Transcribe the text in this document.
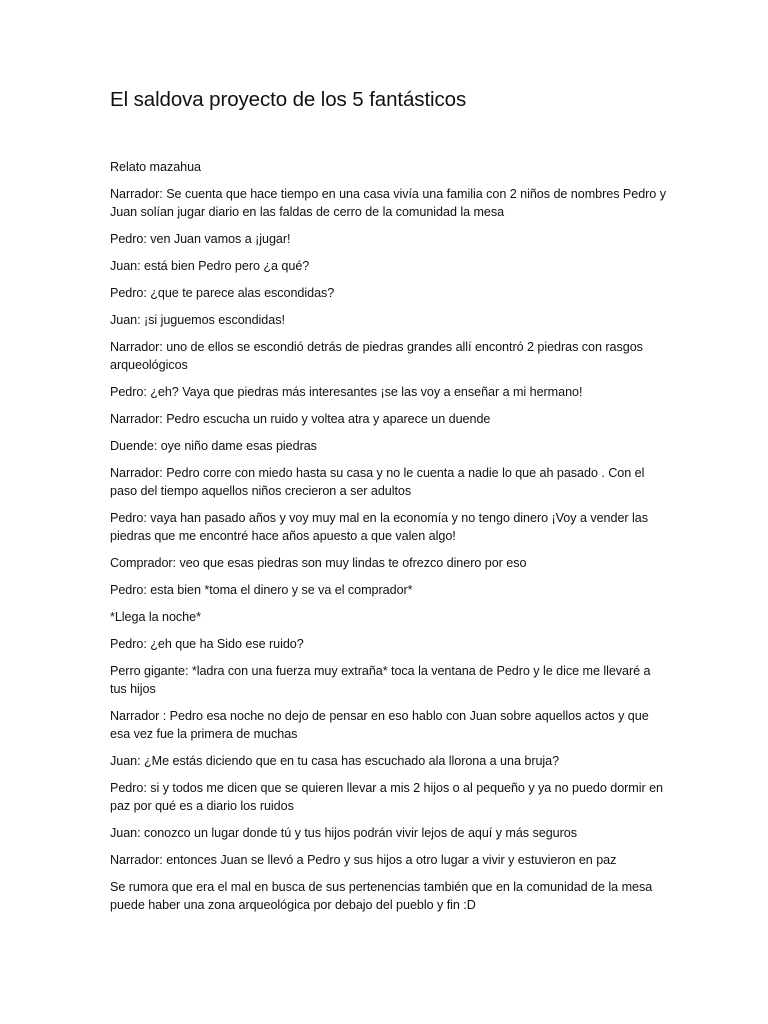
El saldova proyecto de los 5 fantásticos

Relato mazahua

Narrador: Se cuenta que hace tiempo en una casa vivía una familia con 2 niños de nombres Pedro y Juan solían jugar diario en las faldas de cerro de la comunidad la mesa

Pedro: ven Juan vamos a ¡jugar!

Juan: está bien Pedro pero ¿a qué?

Pedro: ¿que te parece alas escondidas?

Juan: ¡si juguemos escondidas!

Narrador: uno de ellos se escondió detrás de piedras grandes allí encontró 2 piedras con rasgos arqueológicos

Pedro: ¿eh? Vaya que piedras más interesantes ¡se las voy a enseñar a mi hermano!

Narrador: Pedro escucha un ruido y voltea atra y aparece un duende

Duende: oye niño dame esas piedras

Narrador: Pedro corre con miedo hasta su casa y no le cuenta a nadie lo que ah pasado . Con el paso del tiempo aquellos niños crecieron a ser adultos

Pedro: vaya han pasado años y voy muy mal en la economía y no tengo dinero ¡Voy a vender las piedras que me encontré hace años apuesto a que valen algo!

Comprador: veo que esas piedras son muy lindas te ofrezco dinero por eso

Pedro: esta bien *toma el dinero y se va el comprador*

*Llega la noche*

Pedro: ¿eh que ha Sido ese ruido?

Perro gigante: *ladra con una fuerza muy extraña* toca la ventana de Pedro y le dice me llevaré a tus hijos

Narrador : Pedro esa noche no dejo de pensar en eso hablo con Juan sobre aquellos actos y que esa vez fue la primera de muchas

Juan: ¿Me estás diciendo que en tu casa has escuchado ala llorona a una bruja?

Pedro: si y todos me dicen que se quieren llevar a mis 2 hijos o al pequeño y ya no puedo dormir en paz por qué es a diario los ruidos

Juan: conozco un lugar donde tú y tus hijos podrán vivir lejos de aquí y más seguros

Narrador: entonces Juan se llevó a Pedro y sus hijos a otro lugar a vivir y estuvieron en paz

Se rumora que era el mal en busca de sus pertenencias también que en la comunidad de la mesa puede haber una zona arqueológica por debajo del pueblo y fin :D
